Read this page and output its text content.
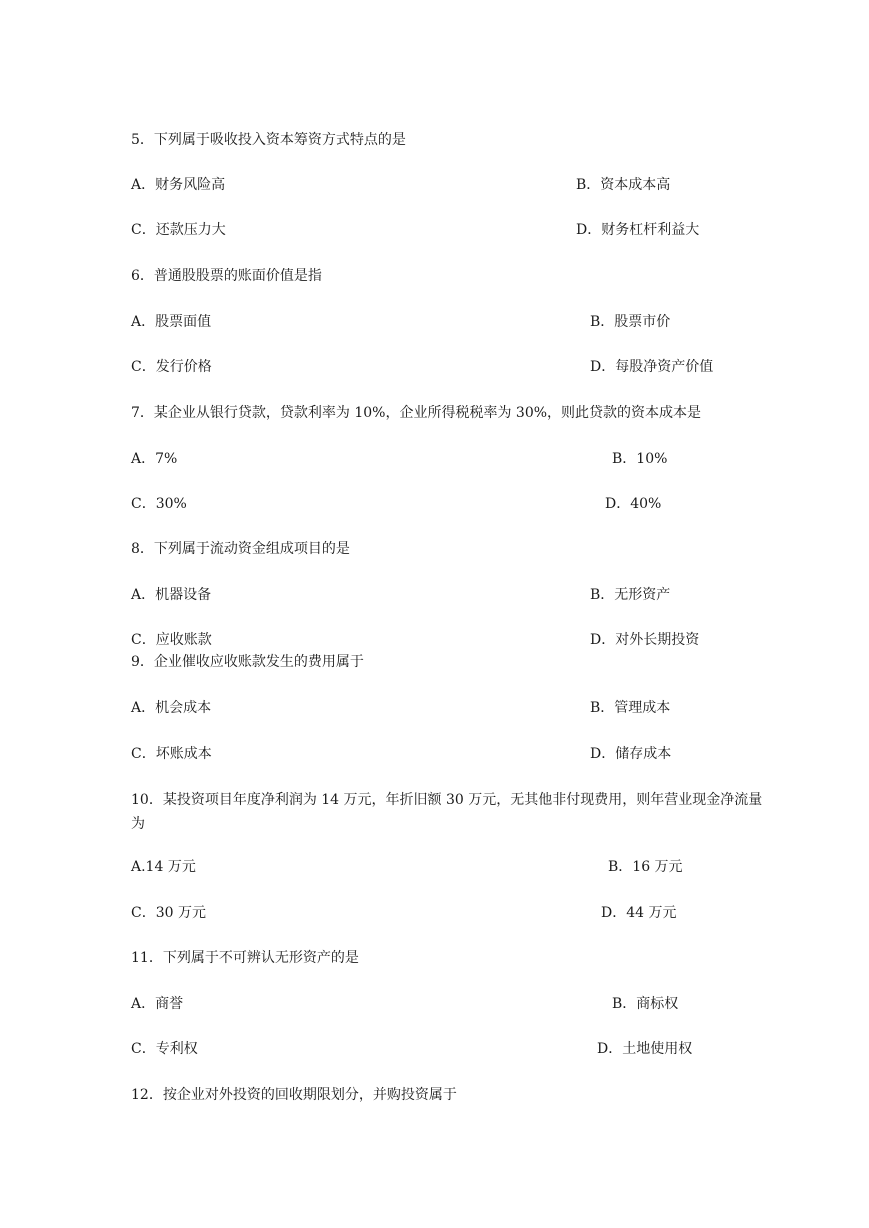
5．下列属于吸收投入资本筹资方式特点的是
A．财务风险高	B．资本成本高
C．还款压力大	D．财务杠杆利益大
6．普通股股票的账面价值是指
A．股票面值	B．股票市价
C．发行价格	D．每股净资产价值
7．某企业从银行贷款，贷款利率为 10%，企业所得税税率为 30%，则此贷款的资本成本是
A．7%	B．10%
C．30%	D．40%
8．下列属于流动资金组成项目的是
A．机器设备	B．无形资产
C．应收账款	D．对外长期投资
9．企业催收应收账款发生的费用属于
A．机会成本	B．管理成本
C．坏账成本	D．储存成本
10．某投资项目年度净利润为 14 万元，年折旧额 30 万元，无其他非付现费用，则年营业现金净流量为
A.14 万元	B．16 万元
C．30 万元	D．44 万元
11．下列属于不可辨认无形资产的是
A．商誉	B．商标权
C．专利权	D．土地使用权
12．按企业对外投资的回收期限划分，并购投资属于
